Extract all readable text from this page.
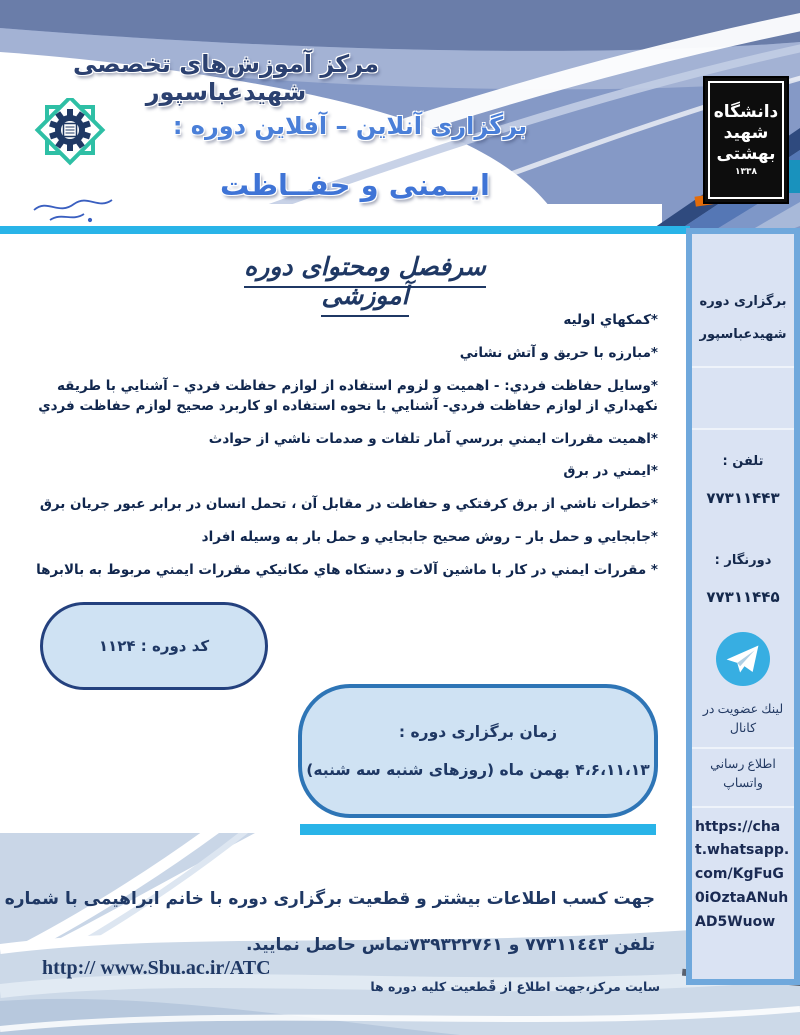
مرکز آموزش‌های تخصصی شهیدعباسپور
برگزاری آنلاین – آفلاین دوره :
ایــمنی و حفــاظت
دانشگاه
شهید
بهشتی
۱۳۳۸
سرفصل ومحتوای دوره آموزشی
*کمکهاي اوليه
*مبارزه با حريق و آتش نشاني
*وسايل حفاظت فردي: - اهميت و لزوم استفاده از لوازم حفاظت فردي – آشنايي با طريقه نكهداري از لوازم حفاظت فردي- آشنايي با نحوه استفاده او كاربرد صحيح لوازم حفاظت فردي
*اهميت مقررات ايمني بررسي آمار تلفات و صدمات ناشي از حوادث
*ايمني در برق
*خطرات ناشي از برق كرفتكي و حفاظت در مقابل آن ، تحمل انسان در برابر عبور جريان برق
*جابجايي و حمل بار – روش صحيح جابجايي و حمل بار به وسيله افراد
* مقررات ايمني در كار با ماشين آلات و دستكاه هاي مكانيكي مقررات ايمني مربوط به بالابرها
کد دوره : ۱۱۲۴
زمان برگزاری دوره :
۴،۶،۱۱،۱۳ بهمن ماه (روزهای شنبه سه شنبه)
جهت کسب اطلاعات بیشتر و قطعیت برگزاری دوره با خانم ابراهیمی با شماره
تلفن ۷۷۳۱۱٤٤۳ و ۷۳۹۳۲۲۷۶۱تماس حاصل نمایید.
سایت مرکز،جهت اطلاع از قًطعیت کلیه دوره ها
http:// www.Sbu.ac.ir/ATC
برگزاری دوره
شهیدعباسپور
تلفن :
۷۷۳۱۱۴۴۳
دورنگار :
۷۷۳۱۱۴۴۵
لینك عضویت در كانال
اطلاع رساني واتساپ
https://chat.whatsapp.com/KgFuG0iOztaANuhAD5Wuow
